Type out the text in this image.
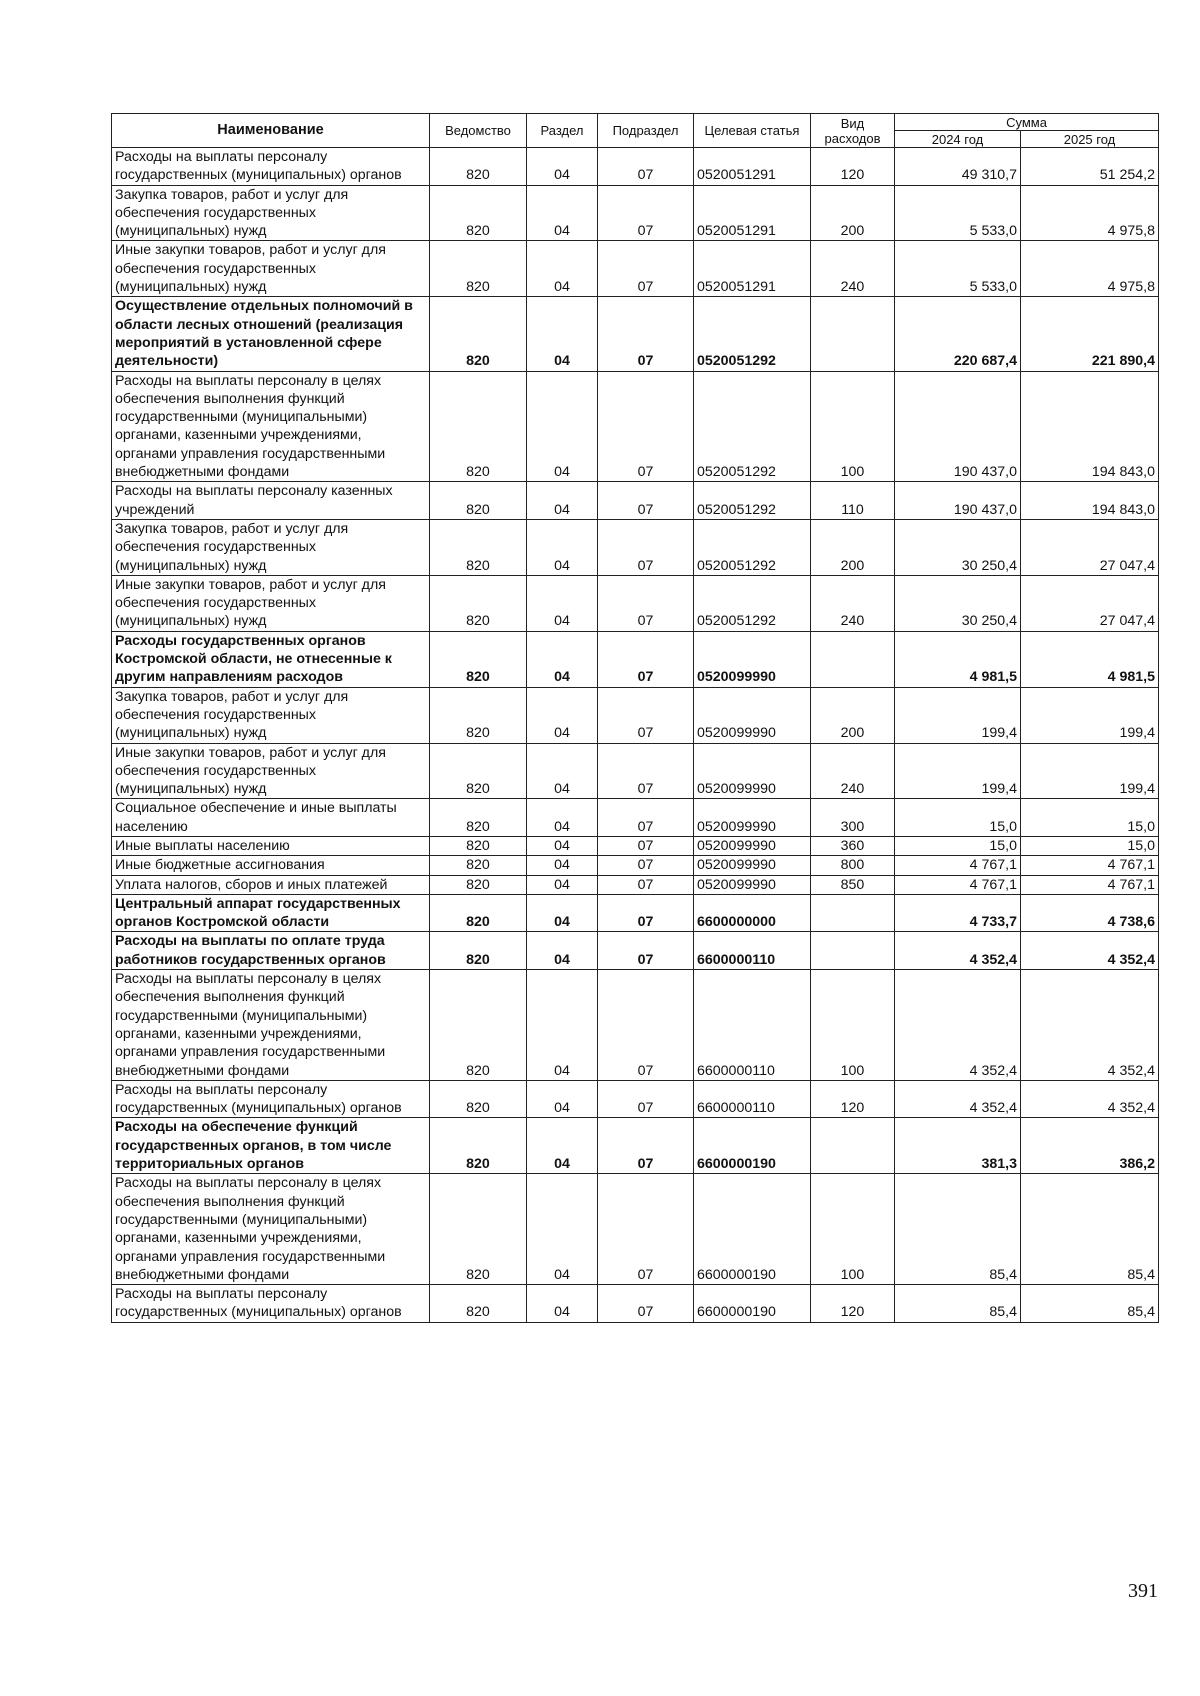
Наименование	Ведомство	Раздел	Подраздел	Целевая статья	Вид расходов	Сумма	
						2024 год	2025 год
Расходы на выплаты персоналу государственных (муниципальных) органов	820	04	07	0520051291	120	49 310,7	51 254,2
Закупка товаров, работ и услуг для обеспечения государственных (муниципальных) нужд	820	04	07	0520051291	200	5 533,0	4 975,8
Иные закупки товаров, работ и услуг для обеспечения государственных (муниципальных) нужд	820	04	07	0520051291	240	5 533,0	4 975,8
Осуществление отдельных полномочий в области лесных отношений (реализация мероприятий в установленной сфере деятельности)	820	04	07	0520051292		220 687,4	221 890,4
Расходы на выплаты персоналу в целях обеспечения выполнения функций государственными (муниципальными) органами, казенными учреждениями, органами управления государственными внебюджетными фондами	820	04	07	0520051292	100	190 437,0	194 843,0
Расходы на выплаты персоналу казенных учреждений	820	04	07	0520051292	110	190 437,0	194 843,0
Закупка товаров, работ и услуг для обеспечения государственных (муниципальных) нужд	820	04	07	0520051292	200	30 250,4	27 047,4
Иные закупки товаров, работ и услуг для обеспечения государственных (муниципальных) нужд	820	04	07	0520051292	240	30 250,4	27 047,4
Расходы государственных органов Костромской области, не отнесенные к другим направлениям расходов	820	04	07	0520099990		4 981,5	4 981,5
Закупка товаров, работ и услуг для обеспечения государственных (муниципальных) нужд	820	04	07	0520099990	200	199,4	199,4
Иные закупки товаров, работ и услуг для обеспечения государственных (муниципальных) нужд	820	04	07	0520099990	240	199,4	199,4
Социальное обеспечение и иные выплаты населению	820	04	07	0520099990	300	15,0	15,0
Иные выплаты населению	820	04	07	0520099990	360	15,0	15,0
Иные бюджетные ассигнования	820	04	07	0520099990	800	4 767,1	4 767,1
Уплата налогов, сборов и иных платежей	820	04	07	0520099990	850	4 767,1	4 767,1
Центральный аппарат государственных органов Костромской области	820	04	07	6600000000		4 733,7	4 738,6
Расходы на выплаты по оплате труда работников государственных органов	820	04	07	6600000110		4 352,4	4 352,4
Расходы на выплаты персоналу в целях обеспечения выполнения функций государственными (муниципальными) органами, казенными учреждениями, органами управления государственными внебюджетными фондами	820	04	07	6600000110	100	4 352,4	4 352,4
Расходы на выплаты персоналу государственных (муниципальных) органов	820	04	07	6600000110	120	4 352,4	4 352,4
Расходы на обеспечение функций государственных органов, в том числе территориальных органов	820	04	07	6600000190		381,3	386,2
Расходы на выплаты персоналу в целях обеспечения выполнения функций государственными (муниципальными) органами, казенными учреждениями, органами управления государственными внебюджетными фондами	820	04	07	6600000190	100	85,4	85,4
Расходы на выплаты персоналу государственных (муниципальных) органов	820	04	07	6600000190	120	85,4	85,4
391
